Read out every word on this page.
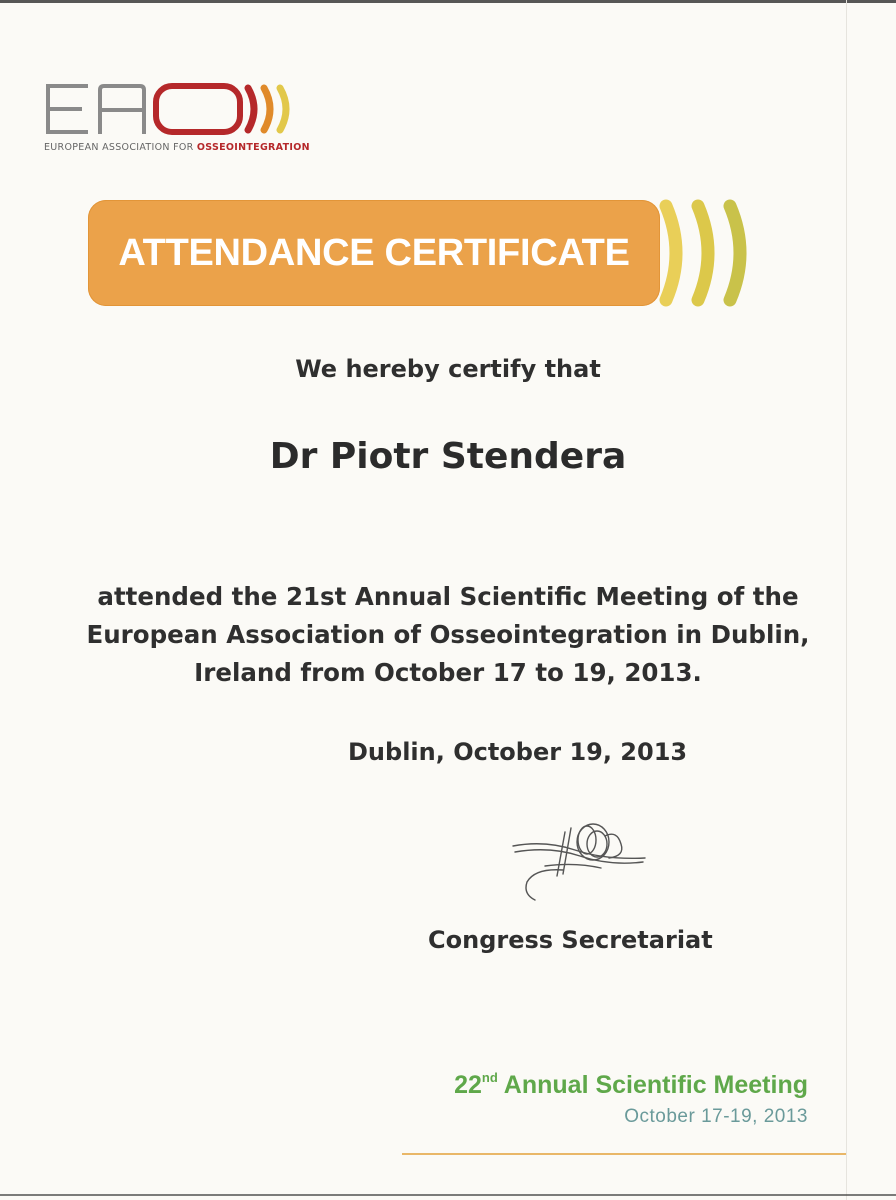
EUROPEAN ASSOCIATION FOR OSSEOINTEGRATION
ATTENDANCE CERTIFICATE
We hereby certify that
Dr Piotr Stendera
attended the 21st Annual Scientific Meeting of the
European Association of Osseointegration in Dublin,
Ireland from October 17 to 19, 2013.
Dublin, October 19, 2013
Congress Secretariat
22nd Annual Scientific Meeting
October 17-19, 2013
